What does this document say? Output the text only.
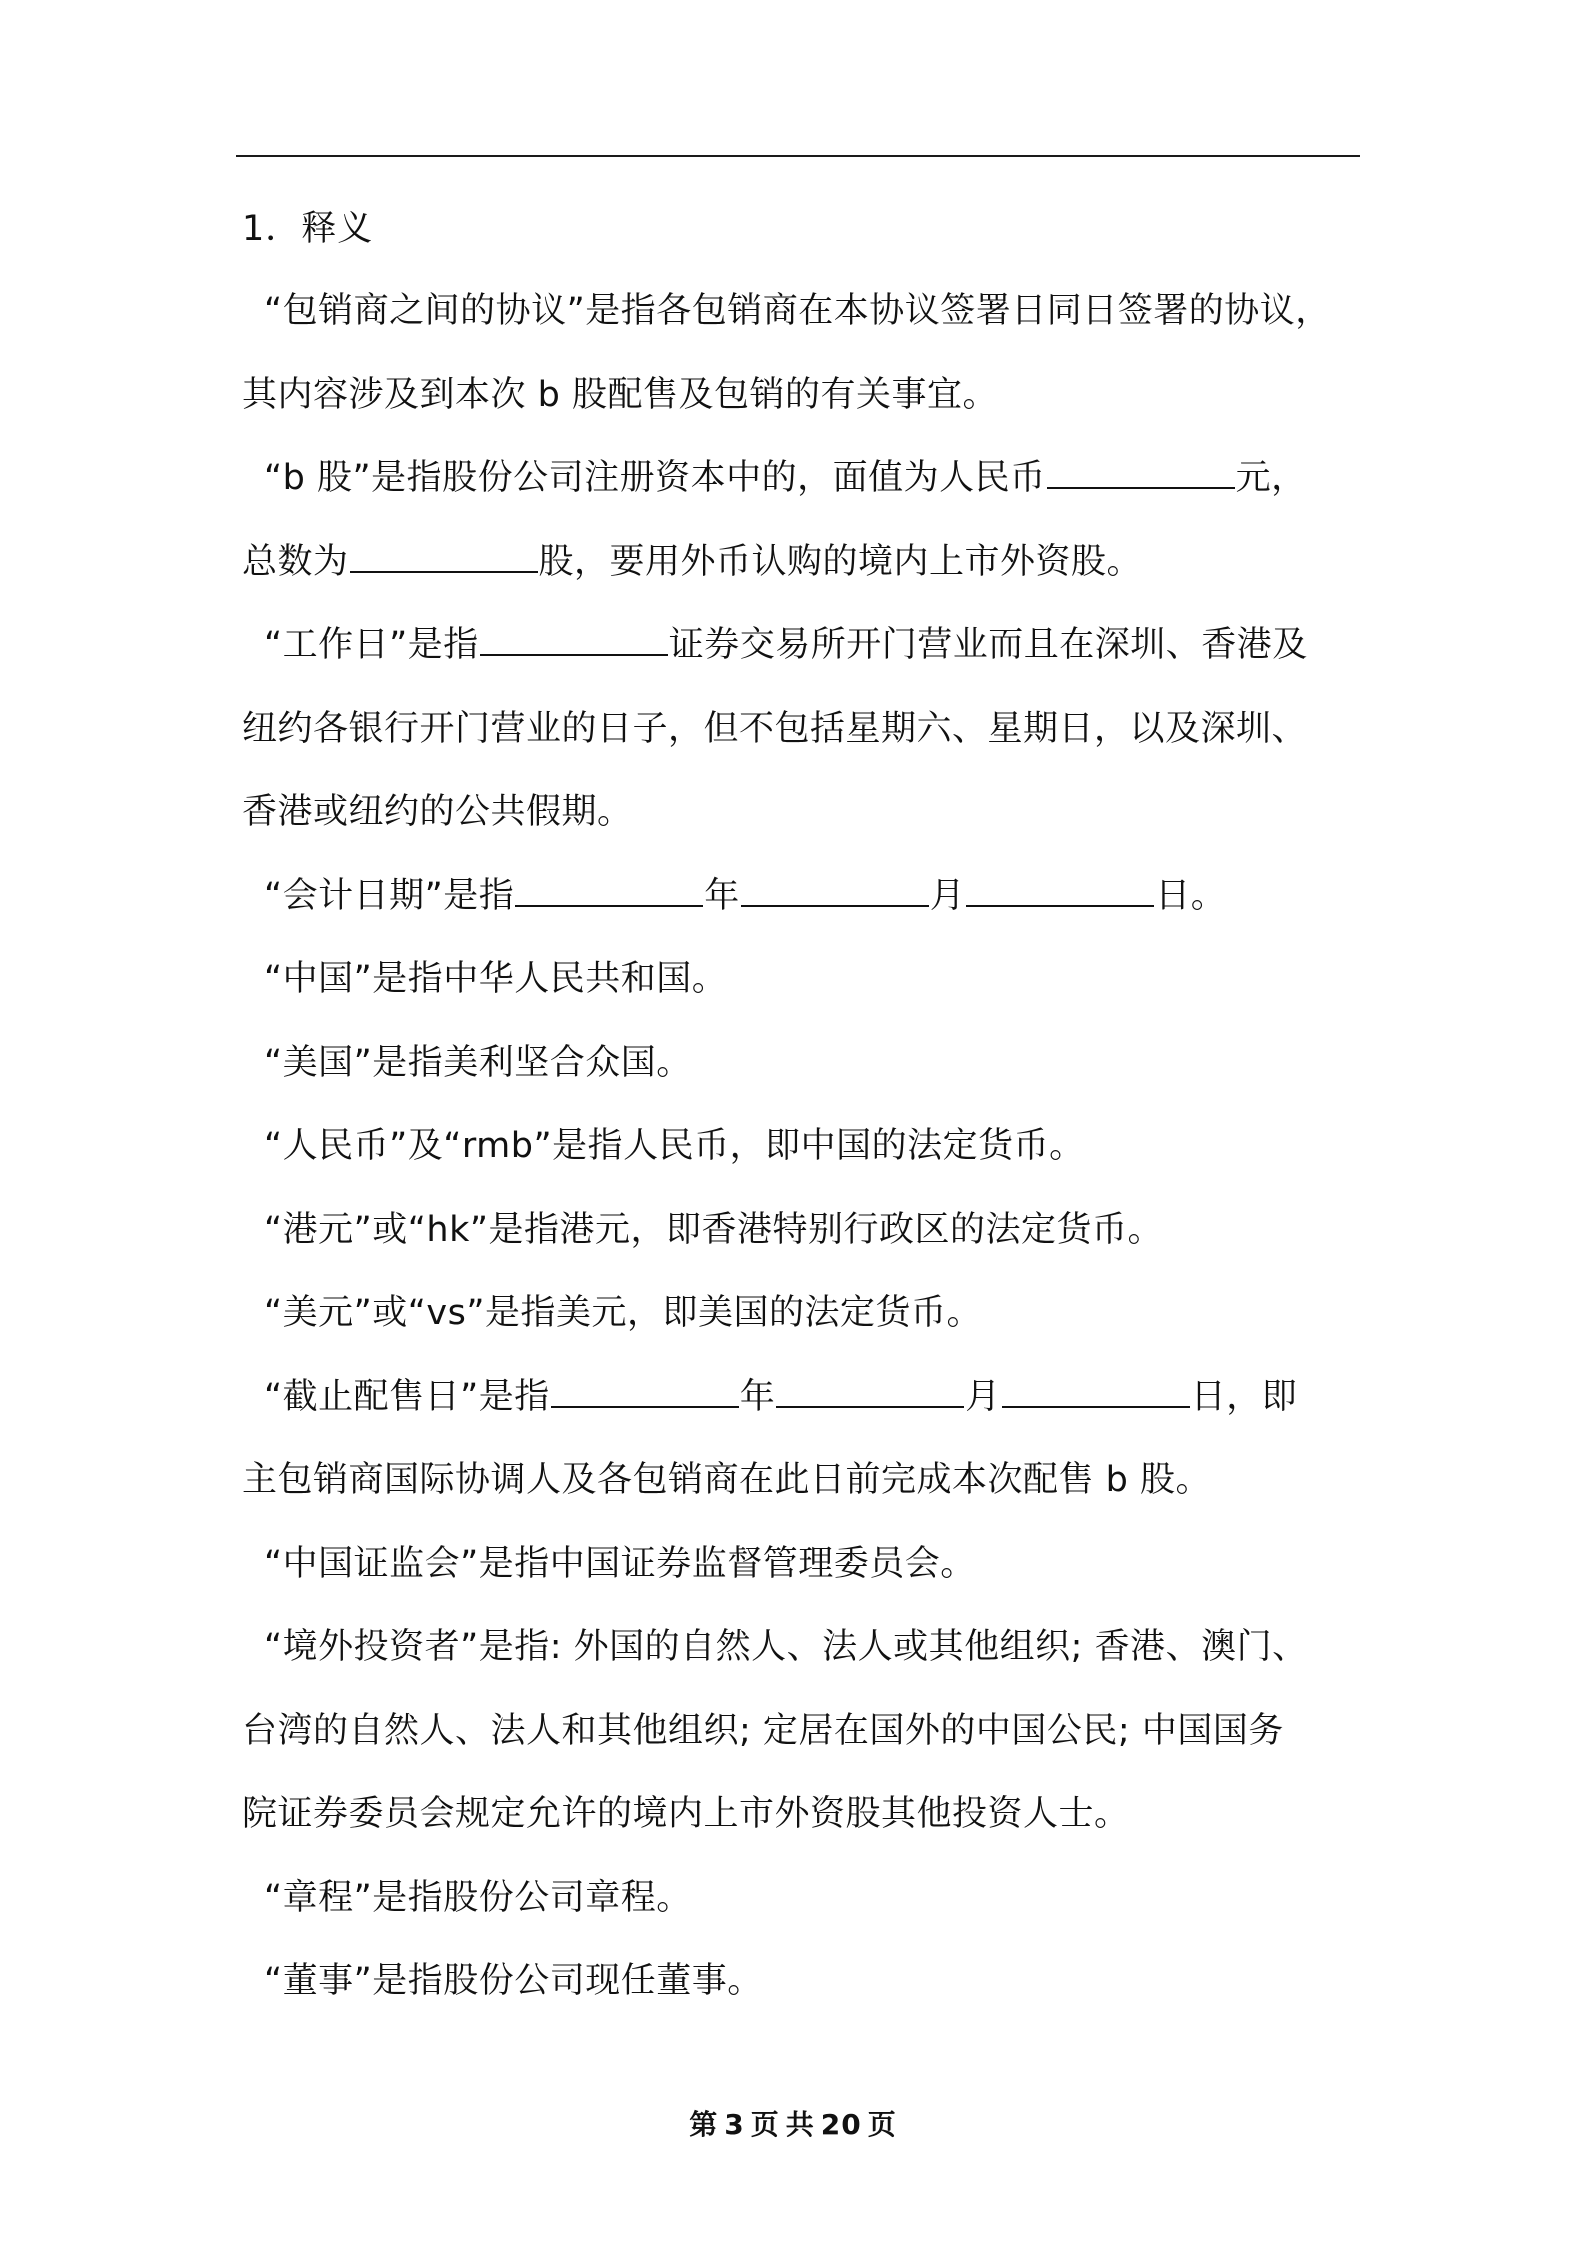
1．释义
“包销商之间的协议”是指各包销商在本协议签署日同日签署的协议，
其内容涉及到本次 b 股配售及包销的有关事宜。
“b 股”是指股份公司注册资本中的，面值为人民币	元，
总数为	股，要用外币认购的境内上市外资股。
“工作日”是指	证券交易所开门营业而且在深圳、香港及
纽约各银行开门营业的日子，但不包括星期六、星期日，以及深圳、
香港或纽约的公共假期。
“会计日期”是指	年	月	日。
“中国”是指中华人民共和国。
“美国”是指美利坚合众国。
“人民币”及“rmb”是指人民币，即中国的法定货币。
“港元”或“hk”是指港元，即香港特别行政区的法定货币。
“美元”或“vs”是指美元，即美国的法定货币。
“截止配售日”是指	年	月	日，即
主包销商国际协调人及各包销商在此日前完成本次配售 b 股。
“中国证监会”是指中国证券监督管理委员会。
“境外投资者”是指: 外国的自然人、法人或其他组织; 香港、澳门、
台湾的自然人、法人和其他组织; 定居在国外的中国公民; 中国国务
院证券委员会规定允许的境内上市外资股其他投资人士。
“章程”是指股份公司章程。
“董事”是指股份公司现任董事。
第 3 页 共 20 页
